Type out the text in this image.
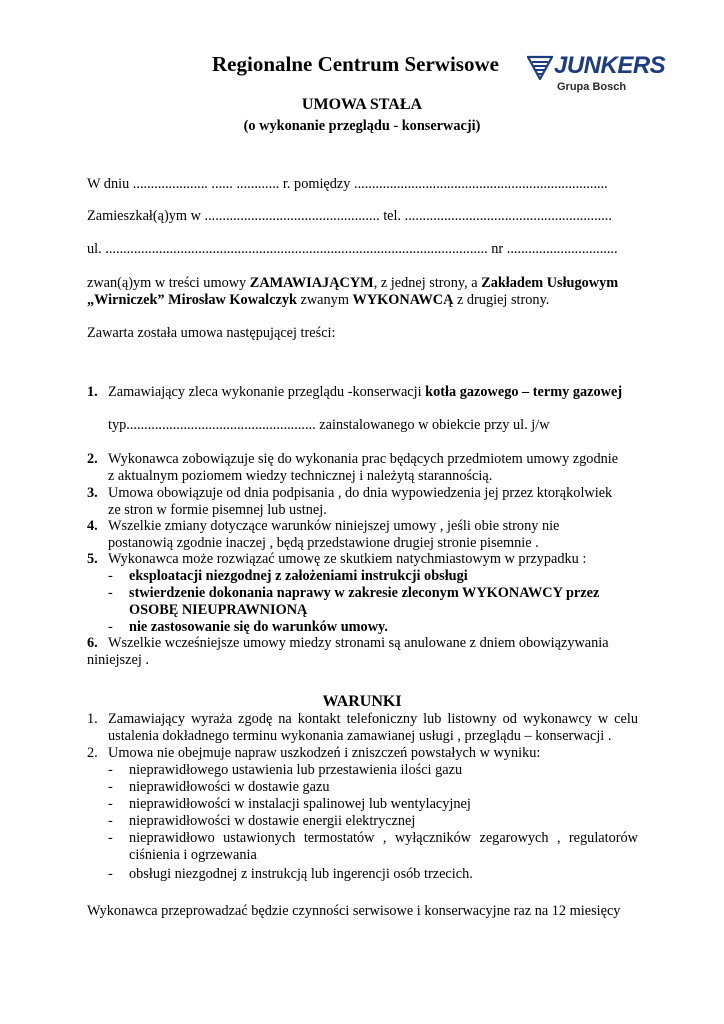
Regionalne Centrum Serwisowe JUNKERS
Grupa Bosch
UMOWA STAŁA
(o wykonanie przeglądu - konserwacji)
W dniu ..................... ...... ............ r. pomiędzy .......................................................................
Zamieszkał(ą)ym w ................................................. tel. ..........................................................
ul. ........................................................................................................... nr ...............................
zwan(ą)ym w treści umowy ZAMAWIAJĄCYM, z jednej strony, a Zakładem Usługowym
„Wirniczek” Mirosław Kowalczyk zwanym WYKONAWCĄ z drugiej strony.
Zawarta została umowa następującej treści:
1. Zamawiający zleca wykonanie przeglądu -konserwacji kotła gazowego – termy gazowej
typ..................................................... zainstalowanego w obiekcie przy ul. j/w
2. Wykonawca zobowiązuje się do wykonania prac będących przedmiotem umowy zgodnie
z aktualnym poziomem wiedzy technicznej i należytą starannością.
3. Umowa obowiązuje od dnia podpisania , do dnia wypowiedzenia jej przez ktorąkolwiek
ze stron w formie pisemnej lub ustnej.
4. Wszelkie zmiany dotyczące warunków niniejszej umowy , jeśli obie strony nie
postanowią zgodnie inaczej , będą przedstawione drugiej stronie pisemnie .
5. Wykonawca może rozwiązać umowę ze skutkiem natychmiastowym w przypadku :
- eksploatacji niezgodnej z założeniami instrukcji obsługi
- stwierdzenie dokonania naprawy w zakresie zleconym WYKONAWCY przez
OSOBĘ NIEUPRAWNIONĄ
- nie zastosowanie się do warunków umowy.
6. Wszelkie wcześniejsze umowy miedzy stronami są anulowane z dniem obowiązywania
niniejszej .
WARUNKI
1. Zamawiający wyraża zgodę na kontakt telefoniczny lub listowny od wykonawcy w celu
ustalenia dokładnego terminu wykonania zamawianej usługi , przeglądu – konserwacji .
2. Umowa nie obejmuje napraw uszkodzeń i zniszczeń powstałych w wyniku:
- nieprawidłowego ustawienia lub przestawienia ilości gazu
- nieprawidłowości w dostawie gazu
- nieprawidłowości w instalacji spalinowej lub wentylacyjnej
- nieprawidłowości w dostawie energii elektrycznej
- nieprawidłowo ustawionych termostatów , wyłączników zegarowych , regulatorów
ciśnienia i ogrzewania
- obsługi niezgodnej z instrukcją lub ingerencji osób trzecich.
Wykonawca przeprowadzać będzie czynności serwisowe i konserwacyjne raz na 12 miesięcy
